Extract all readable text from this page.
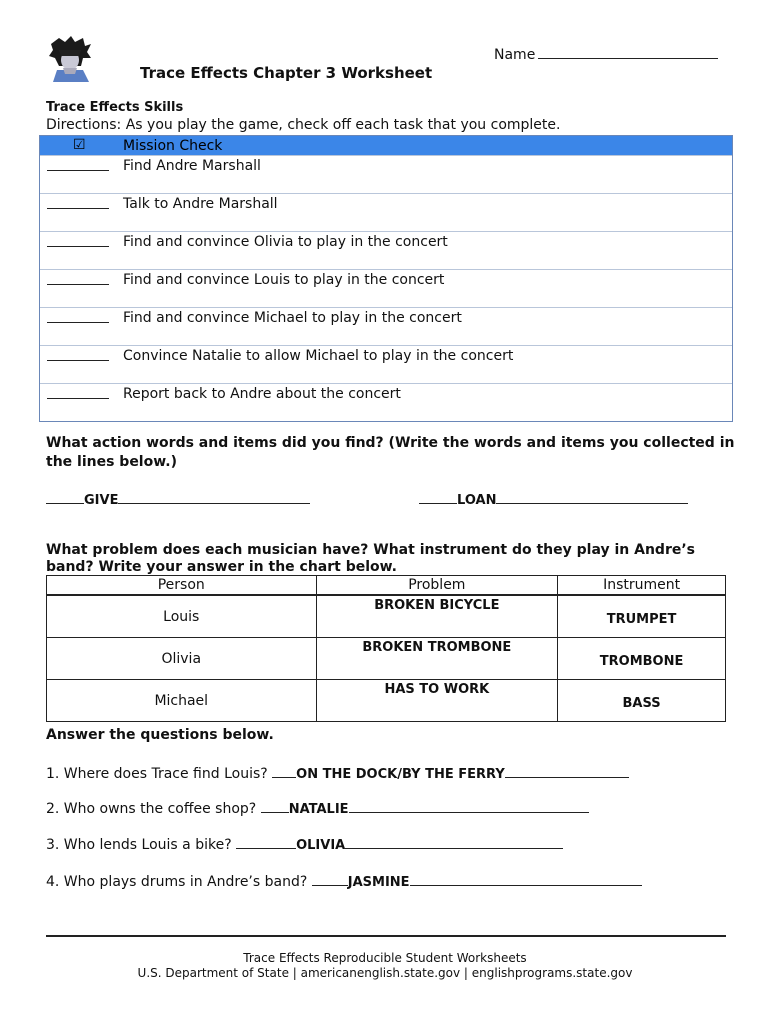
Name
Trace Effects Chapter 3 Worksheet
Trace Effects Skills
Directions: As you play the game, check off each task that you complete.
☑	Mission Check
Find Andre Marshall
Talk to Andre Marshall
Find and convince Olivia to play in the concert
Find and convince Louis to play in the concert
Find and convince Michael to play in the concert
Convince Natalie to allow Michael to play in the concert
Report back to Andre about the concert
What action words and items did you find? (Write the words and items you collected in the lines below.)
GIVE	LOAN
What problem does each musician have? What instrument do they play in Andre’s band? Write your answer in the chart below.
Person	Problem	Instrument
Louis	BROKEN BICYCLE	TRUMPET
Olivia	BROKEN TROMBONE	TROMBONE
Michael	HAS TO WORK	BASS
Answer the questions below.
1. Where does Trace find Louis? ON THE DOCK/BY THE FERRY
2. Who owns the coffee shop? NATALIE
3. Who lends Louis a bike?	OLIVIA
4. Who plays drums in Andre’s band?	JASMINE
Trace Effects Reproducible Student Worksheets
U.S. Department of State | americanenglish.state.gov | englishprograms.state.gov
